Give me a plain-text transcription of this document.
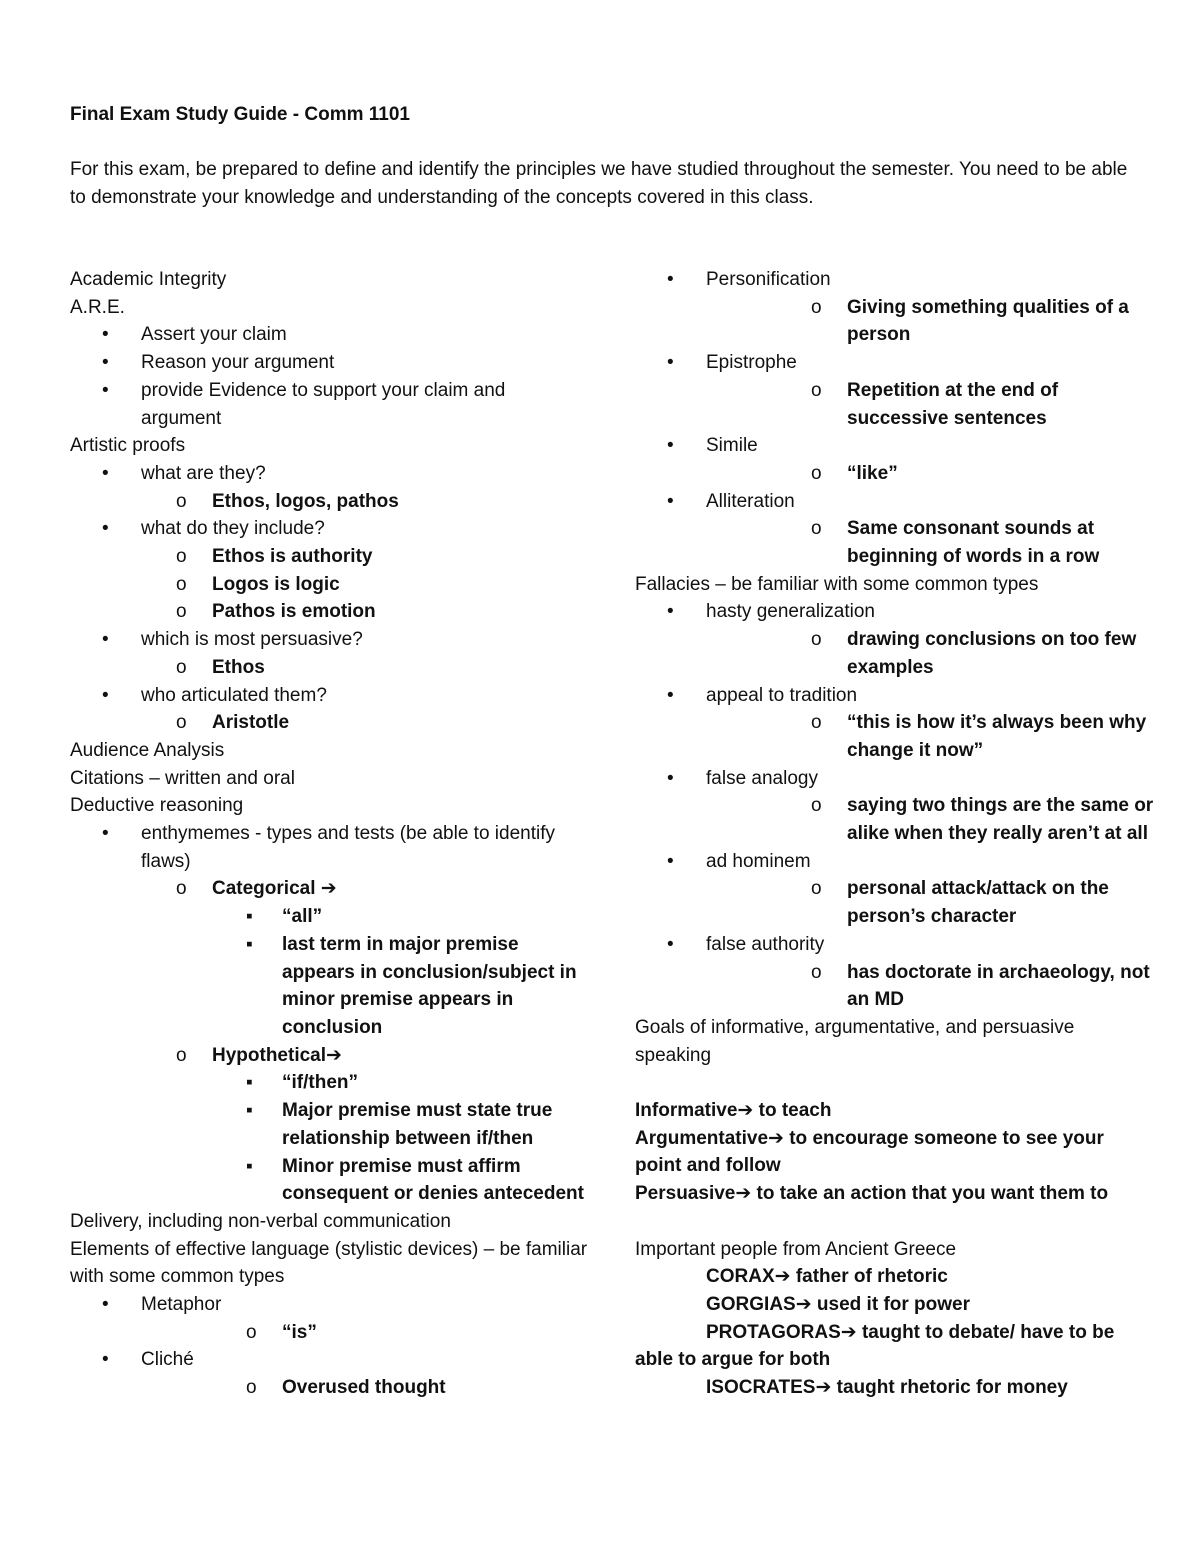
Final Exam Study Guide - Comm 1101
For this exam, be prepared to define and identify the principles we have studied throughout the semester. You need to be able to demonstrate your knowledge and understanding of the concepts covered in this class.
Academic Integrity
A.R.E.
• Assert your claim
• Reason your argument
• provide Evidence to support your claim and argument
Artistic proofs
• what are they?
o Ethos, logos, pathos
• what do they include?
o Ethos is authority
o Logos is logic
o Pathos is emotion
• which is most persuasive?
o Ethos
• who articulated them?
o Aristotle
Audience Analysis
Citations – written and oral
Deductive reasoning
• enthymemes - types and tests (be able to identify flaws)
o Categorical ➔
▪ “all”
▪ last term in major premise appears in conclusion/subject in minor premise appears in conclusion
o Hypothetical➔
▪ “if/then”
▪ Major premise must state true relationship between if/then
▪ Minor premise must affirm consequent or denies antecedent
Delivery, including non-verbal communication
Elements of effective language (stylistic devices) – be familiar with some common types
• Metaphor
o “is”
• Cliché
o Overused thought
• Personification
o Giving something qualities of a person
• Epistrophe
o Repetition at the end of successive sentences
• Simile
o “like”
• Alliteration
o Same consonant sounds at beginning of words in a row
Fallacies – be familiar with some common types
• hasty generalization
o drawing conclusions on too few examples
• appeal to tradition
o “this is how it’s always been why change it now”
• false analogy
o saying two things are the same or alike when they really aren’t at all
• ad hominem
o personal attack/attack on the person’s character
• false authority
o has doctorate in archaeology, not an MD
Goals of informative, argumentative, and persuasive speaking
Informative➔ to teach
Argumentative➔ to encourage someone to see your point and follow
Persuasive➔ to take an action that you want them to
Important people from Ancient Greece
CORAX➔ father of rhetoric
GORGIAS➔ used it for power
PROTAGORAS➔ taught to debate/ have to be able to argue for both
ISOCRATES➔ taught rhetoric for money
